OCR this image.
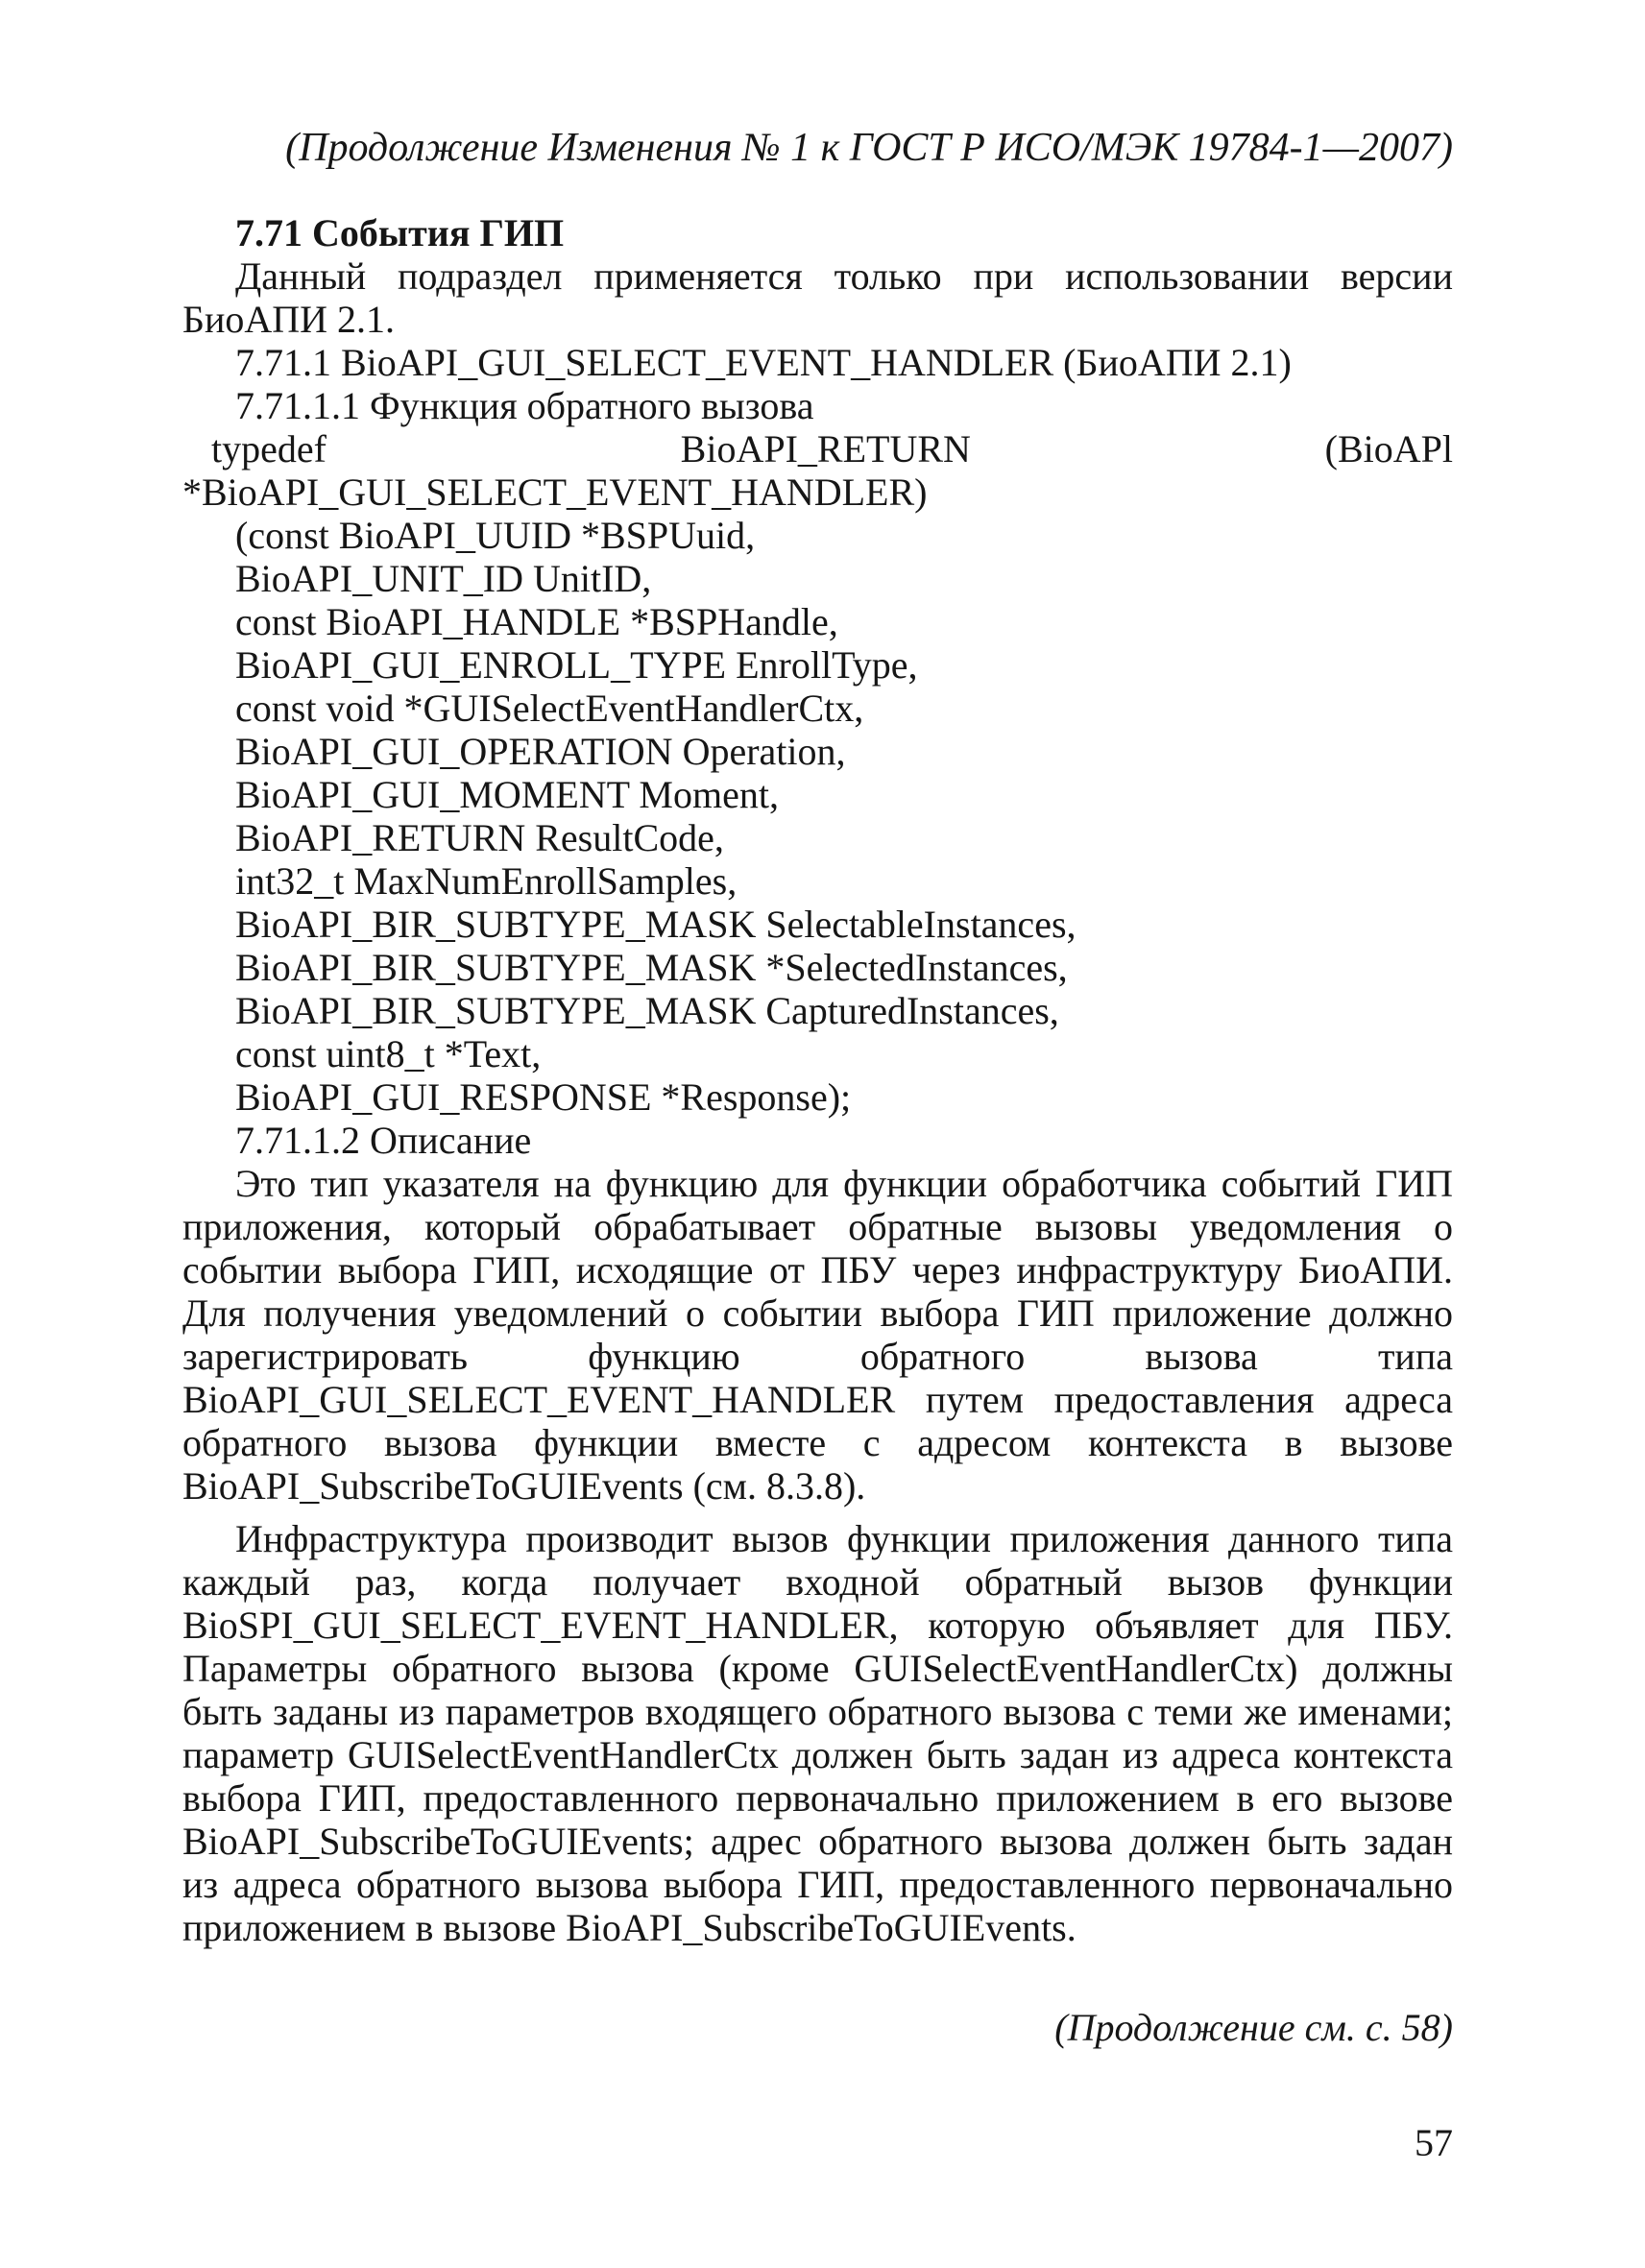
(Продолжение Изменения № 1 к ГОСТ Р ИСО/МЭК 19784-1—2007)

7.71 События ГИП

Данный подраздел применяется только при использовании версии БиоАПИ 2.1.

7.71.1 BioAPI_GUI_SELECT_EVENT_HANDLER (БиоАПИ 2.1)

7.71.1.1 Функция обратного вызова

typedef BioAPI_RETURN (BioAPl *BioAPI_GUI_SELECT_EVENT_HANDLER)

(const BioAPI_UUID *BSPUuid,

BioAPI_UNIT_ID UnitID,

const BioAPI_HANDLE *BSPHandle,

BioAPI_GUI_ENROLL_TYPE EnrollType,

const void *GUISelectEventHandlerCtx,

BioAPI_GUI_OPERATION Operation,

BioAPI_GUI_MOMENT Moment,

BioAPI_RETURN ResultCode,

int32_t MaxNumEnrollSamples,

BioAPI_BIR_SUBTYPE_MASK SelectableInstances,

BioAPI_BIR_SUBTYPE_MASK *SelectedInstances,

BioAPI_BIR_SUBTYPE_MASK CapturedInstances,

const uint8_t *Text,

BioAPI_GUI_RESPONSE *Response);

7.71.1.2 Описание

Это тип указателя на функцию для функции обработчика событий ГИП приложения, который обрабатывает обратные вызовы уведомления о событии выбора ГИП, исходящие от ПБУ через инфраструктуру БиоАПИ. Для получения уведомлений о событии выбора ГИП приложение должно зарегистрировать функцию обратного вызова типа BioAPI_GUI_SELECT_EVENT_HANDLER путем предоставления адреса обратного вызова функции вместе с адресом контекста в вызове BioAPI_SubscribeToGUIEvents (см. 8.3.8).

Инфраструктура производит вызов функции приложения данного типа каждый раз, когда получает входной обратный вызов функции BioSPI_GUI_SELECT_EVENT_HANDLER, которую объявляет для ПБУ. Параметры обратного вызова (кроме GUISelectEventHandlerCtx) должны быть заданы из параметров входящего обратного вызова с теми же именами; параметр GUISelectEventHandlerCtx должен быть задан из адреса контекста выбора ГИП, предоставленного первоначально приложением в его вызове BioAPI_SubscribeToGUIEvents; адрес обратного вызова должен быть задан из адреса обратного вызова выбора ГИП, предоставленного первоначально приложением в вызове BioAPI_SubscribeToGUIEvents.

(Продолжение см. с. 58)

57
